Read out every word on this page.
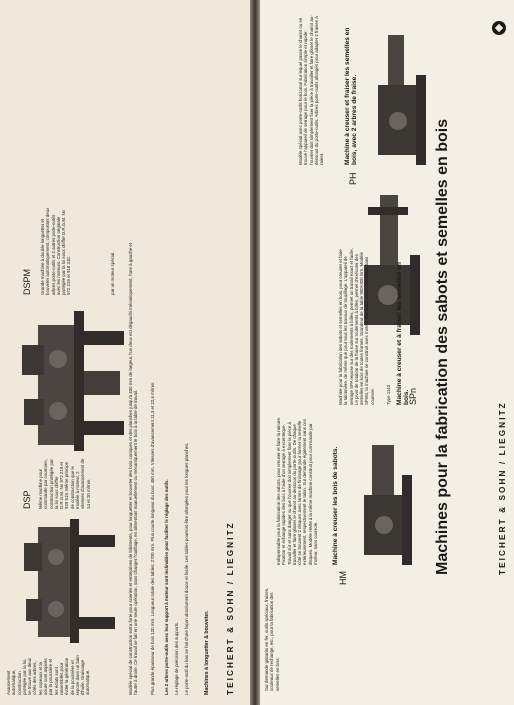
TEICHERT & SOHN / LIEGNITZ
Machines à longuetter & bouveter.
DSPM Grande machine à double longuetter et bouveter automatiquement, comportant deux arbres porte-outils et 2 autres porte-outils avec les moteurs. Construction originale protégée par la loi sous chiffre D.R.G.M. No 972 219 et 918 310.	par un moteur spécial.	Modèle spécial de construction extra forte pour scieries et entreprises de bâtiments, pour longuetter et bouveter des bois coniques et des planches jusqu'à 400 mm de largeur, l'un deux est dégauchi mécaniquement, l'une à gauche et l'autre à droite. Ce travail se fait en une seule opération, sans changer l'outillage, en alimentant manuellement ou mécaniquement le bois à la table de travail.	Plus grande épaisseur de bois 120 mm. Longueur totale des tables: 2700 mm. Plus courte longueur du bois: 450 mm. Vitesses d'avancement 11,3 et 22,6 m/min. Les 2 arbres porte-outils avec leur support à moteur sont inclinables pour faciliter le réglage des outils. Le réglage de précision des supports. Le porte-outil du bas se fait d'une façon absolument douce et facile. Les tables pourront être allongées pour les longues planches.
DSP Même machine pour commande par courroies, construction protégée par la loi sous chiffre D.R.G.M. No 972 219 et 929 519. Même principe de construction que le modèle à moteur, 2 vitesses d'avancement de 14 et 20 m/min.
Avancement automatique, construction protégée par la loi, se trouve aux deux côtés des arbres, les copeaux et la sciure sont aspirés par la poussière et les éclats sont rassemblés pour éviter la génération de la poussière et repose dans un bain d'huile. Graissage automatique.
TEICHERT & SOHN / LIEGNITZ
Machines pour la fabrication des sabots et semelles en bois
SPn
Machine à creuser et à fraiser les semelles en bois.
Type 1143
Machine pour la fabrication des sabots et semelles en bois, pour creuser et faire la talonnière, de même que pour tous les travaux de toupillage. L'appareil de serrage SPA repose sur des roulements à billes, permet un travail exact et facile. Le pivot de rotation de la fraise sur roulements à billes, permet d'exécuter des semelles en bois de toutes formes. Grandeur de la table 900×300 mm. Modèle SPnM, la machine se construit avec moteur électrique pour commande sans courroie.
PH
Machine à creuser et fraiser les semelles en bois, avec 2 arbres de fraise.
Modèle spécial avec porte-outils horizontal sur lequel passe le chariot ou se trouve l'appareil de serrage pour le bois. Fabrication simple et rapide: l'ouvrier doit simplement fixer la pièce à travailler et faire glisser le chariot au-dessous du porte-outils. Arbres porte-outils allongés pour adapter 2 fraises à rainer.
HM
Machine à creuser les bois de sabots.
Indispensable pour la fabrication des sabots, pour creuser et faire la rainure. Fixation et échange rapides des bois à l'aide d'un serrage à excentrique. Travail sûr et sans danger vu que l'ouvrier doit simplement fixer la pièce à travailler et faire glisser le chariot au-dessous du porte-outils. De chaque côté se trouvent 2 disques avec lames de finissage pour former la semelle extérieurement, respectivement le talon. Sur demande également sans ces disques. Modèle HMM à la même machine construit pour commande par moteur, sans courroie.
Sur demande gabarits en fer, outils spéciaux, fraises, couteaux de rechange, etc., pour la fabrication des semelles en bois.
